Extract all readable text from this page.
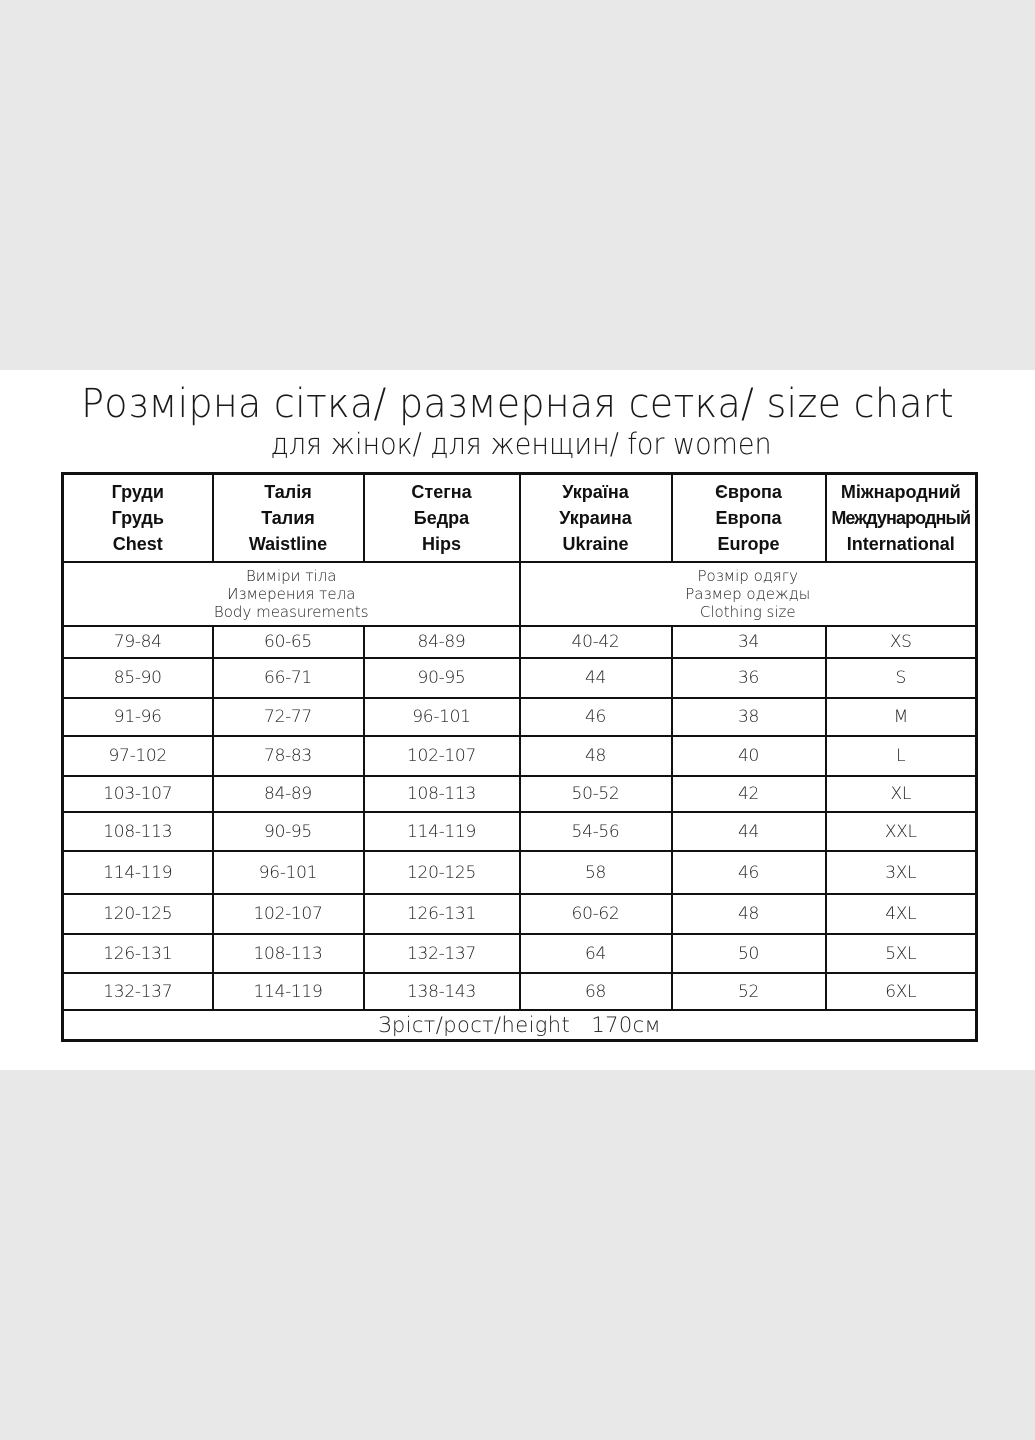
Розмірна сітка/ размерная сетка/ size chart
для жінок/ для женщин/ for women
Груди
Грудь
Chest	Талія
Талия
Waistline	Стегна
Бедра
Hips	Україна
Украина
Ukraine	Європа
Европа
Europe	Міжнародний
Международный
International

Виміри тіла
Измерения тела
Body measurements			Розмір одягу
Размер одежды
Clothing size		

79-84	60-65	84-89	40-42	34	XS
85-90	66-71	90-95	44	36	S
91-96	72-77	96-101	46	38	M
97-102	78-83	102-107	48	40	L
103-107	84-89	108-113	50-52	42	XL
108-113	90-95	114-119	54-56	44	XXL
114-119	96-101	120-125	58	46	3XL
120-125	102-107	126-131	60-62	48	4XL
126-131	108-113	132-137	64	50	5XL
132-137	114-119	138-143	68	52	6XL
Зріст/рост/height   170см					
